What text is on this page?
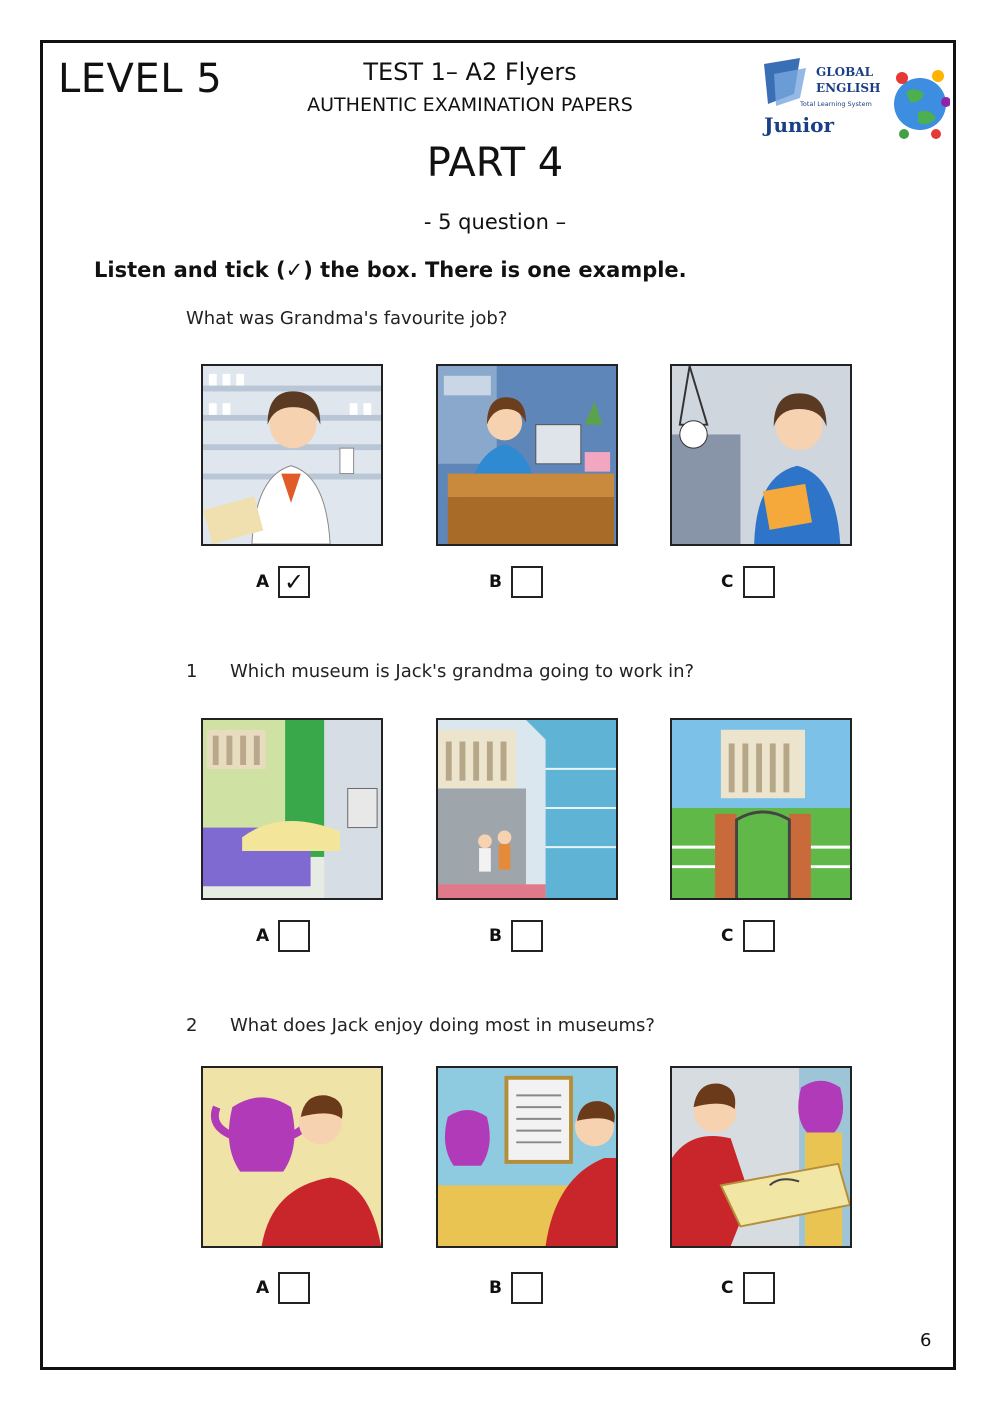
LEVEL 5	TEST 1– A2 Flyers
AUTHENTIC EXAMINATION PAPERS
GLOBAL
ENGLISH
Total Learning System
Junior
PART 4
- 5 question –
Listen and tick (✓) the box. There is one example.
What was Grandma's favourite job?
1 Which museum is Jack's grandma going to work in?
2 What does Jack enjoy doing most in museums?
A ✓	B	C
A	B	C
A	B	C
6
